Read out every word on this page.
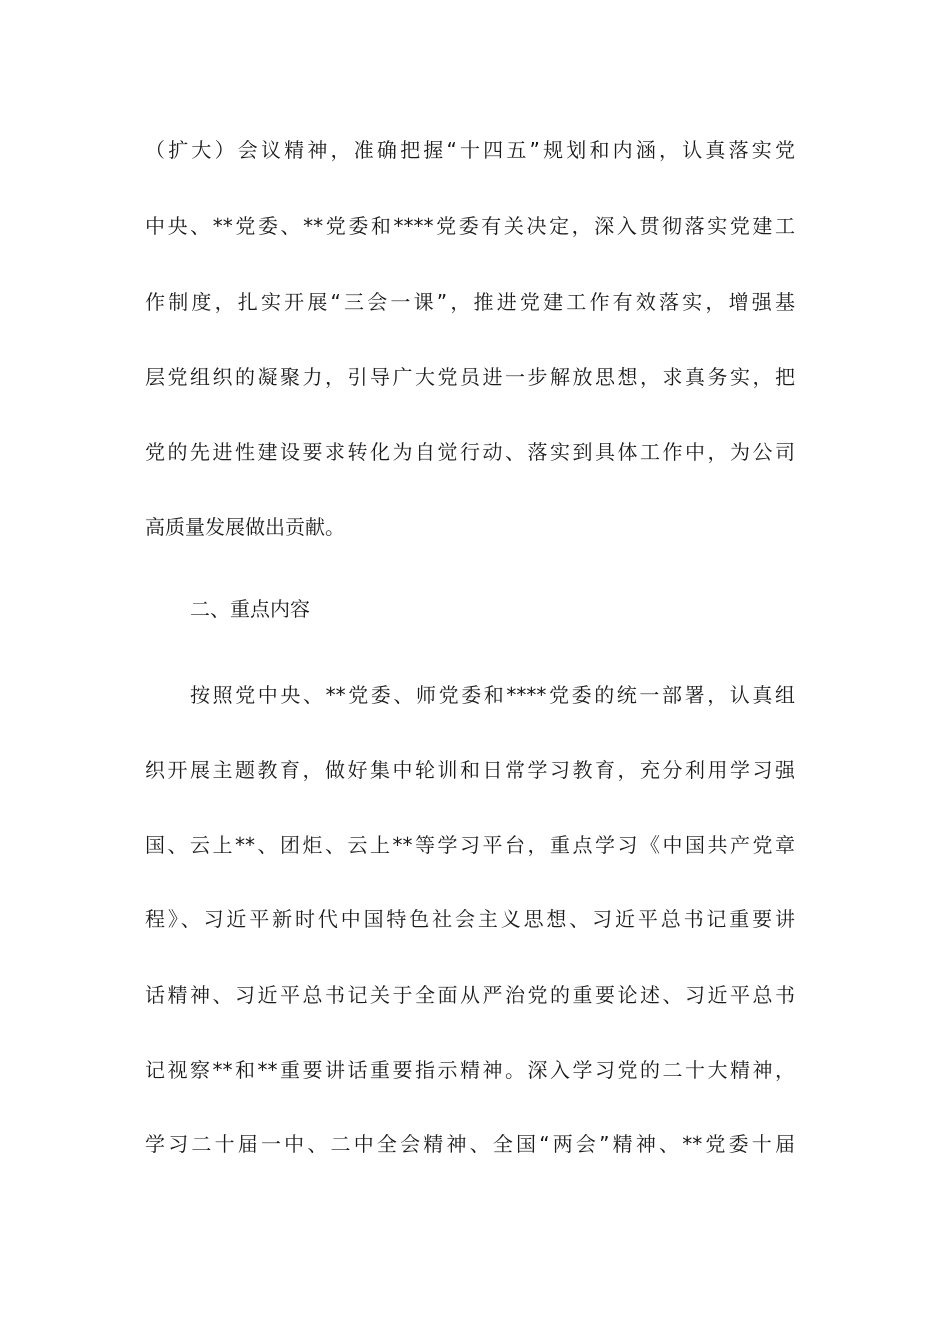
（扩大）会议精神，准确把握“十四五”规划和内涵，认真落实党
中央、**党委、**党委和****党委有关决定，深入贯彻落实党建工
作制度，扎实开展“三会一课”，推进党建工作有效落实，增强基
层党组织的凝聚力，引导广大党员进一步解放思想，求真务实，把
党的先进性建设要求转化为自觉行动、落实到具体工作中，为公司
高质量发展做出贡献。
二、重点内容
按照党中央、**党委、师党委和****党委的统一部署，认真组
织开展主题教育，做好集中轮训和日常学习教育，充分利用学习强
国、云上**、团炬、云上**等学习平台，重点学习《中国共产党章
程》、习近平新时代中国特色社会主义思想、习近平总书记重要讲
话精神、习近平总书记关于全面从严治党的重要论述、习近平总书
记视察**和**重要讲话重要指示精神。深入学习党的二十大精神，
学习二十届一中、二中全会精神、全国“两会”精神、**党委十届
